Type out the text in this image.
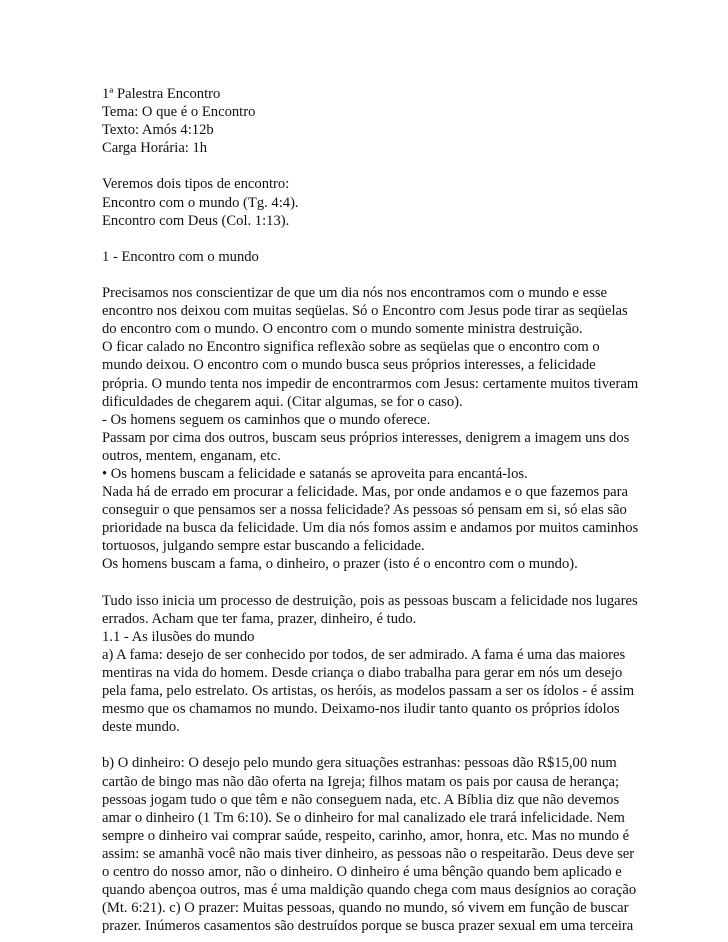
1ª Palestra Encontro
Tema: O que é o Encontro
Texto: Amós 4:12b
Carga Horária: 1h
Veremos dois tipos de encontro:
Encontro com o mundo (Tg. 4:4).
Encontro com Deus (Col. 1:13).
1 - Encontro com o mundo
Precisamos nos conscientizar de que um dia nós nos encontramos com o mundo e esse
encontro nos deixou com muitas seqüelas. Só o Encontro com Jesus pode tirar as seqüelas
do encontro com o mundo. O encontro com o mundo somente ministra destruição.
O ficar calado no Encontro significa reflexão sobre as seqüelas que o encontro com o
mundo deixou. O encontro com o mundo busca seus próprios interesses, a felicidade
própria. O mundo tenta nos impedir de encontrarmos com Jesus: certamente muitos tiveram
dificuldades de chegarem aqui. (Citar algumas, se for o caso).
- Os homens seguem os caminhos que o mundo oferece.
Passam por cima dos outros, buscam seus próprios interesses, denigrem a imagem uns dos
outros, mentem, enganam, etc.
• Os homens buscam a felicidade e satanás se aproveita para encantá-los.
Nada há de errado em procurar a felicidade. Mas, por onde andamos e o que fazemos para
conseguir o que pensamos ser a nossa felicidade? As pessoas só pensam em si, só elas são
prioridade na busca da felicidade. Um dia nós fomos assim e andamos por muitos caminhos
tortuosos, julgando sempre estar buscando a felicidade.
Os homens buscam a fama, o dinheiro, o prazer (isto é o encontro com o mundo).
Tudo isso inicia um processo de destruição, pois as pessoas buscam a felicidade nos lugares
errados. Acham que ter fama, prazer, dinheiro, é tudo.
1.1 - As ilusões do mundo
a) A fama: desejo de ser conhecido por todos, de ser admirado. A fama é uma das maiores
mentiras na vida do homem. Desde criança o diabo trabalha para gerar em nós um desejo
pela fama, pelo estrelato. Os artistas, os heróis, as modelos passam a ser os ídolos - é assim
mesmo que os chamamos no mundo. Deixamo-nos iludir tanto quanto os próprios ídolos
deste mundo.
b) O dinheiro: O desejo pelo mundo gera situações estranhas: pessoas dão R$15,00 num
cartão de bingo mas não dão oferta na Igreja; filhos matam os pais por causa de herança;
pessoas jogam tudo o que têm e não conseguem nada, etc. A Bíblia diz que não devemos
amar o dinheiro (1 Tm 6:10). Se o dinheiro for mal canalizado ele trará infelicidade. Nem
sempre o dinheiro vai comprar saúde, respeito, carinho, amor, honra, etc. Mas no mundo é
assim: se amanhã você não mais tiver dinheiro, as pessoas não o respeitarão. Deus deve ser
o centro do nosso amor, não o dinheiro. O dinheiro é uma bênção quando bem aplicado e
quando abençoa outros, mas é uma maldição quando chega com maus desígnios ao coração
(Mt. 6:21). c) O prazer: Muitas pessoas, quando no mundo, só vivem em função de buscar
prazer. Inúmeros casamentos são destruídos porque se busca prazer sexual em uma terceira
